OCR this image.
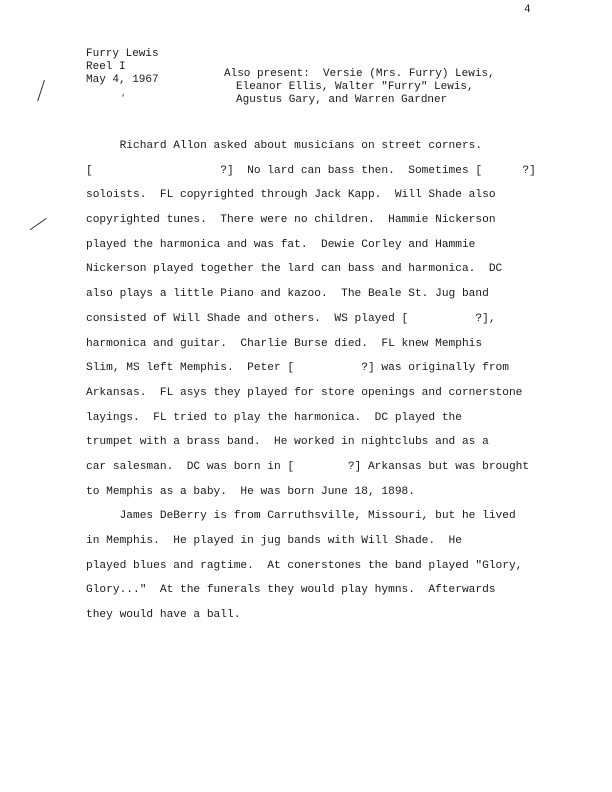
4
Furry Lewis
Reel I
May 4, 1967	Also present: Versie (Mrs. Furry) Lewis,
Eleanor Ellis, Walter "Furry" Lewis,
Agustus Gary, and Warren Gardner
‘
Richard Allon asked about musicians on street corners.
[                   ?]  No lard can bass then.  Sometimes [      ?]
soloists.  FL copyrighted through Jack Kapp.  Will Shade also
copyrighted tunes.  There were no children.  Hammie Nickerson
played the harmonica and was fat.  Dewie Corley and Hammie
Nickerson played together the lard can bass and harmonica.  DC
also plays a little Piano and kazoo.  The Beale St. Jug band
consisted of Will Shade and others.  WS played [          ?],
harmonica and guitar.  Charlie Burse died.  FL knew Memphis
Slim, MS left Memphis.  Peter [          ?] was originally from
Arkansas.  FL asys they played for store openings and cornerstone
layings.  FL tried to play the harmonica.  DC played the
trumpet with a brass band.  He worked in nightclubs and as a
car salesman.  DC was born in [        ?] Arkansas but was brought
to Memphis as a baby.  He was born June 18, 1898.
James DeBerry is from Carruthsville, Missouri, but he lived
in Memphis.  He played in jug bands with Will Shade.  He
played blues and ragtime.  At conerstones the band played "Glory,
Glory..."  At the funerals they would play hymns.  Afterwards
they would have a ball.
